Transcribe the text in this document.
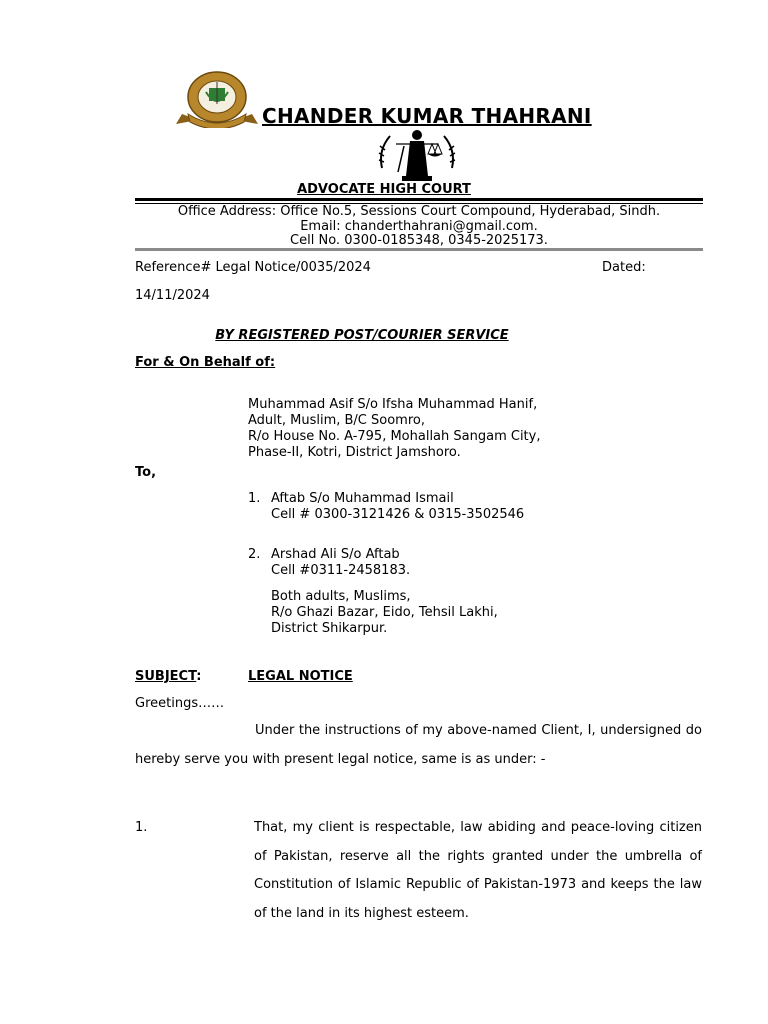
CHANDER KUMAR THAHRANI
ADVOCATE HIGH COURT
Office Address: Office No.5, Sessions Court Compound, Hyderabad, Sindh.
Email: chanderthahrani@gmail.com.
Cell No. 0300-0185348, 0345-2025173.
Reference# Legal Notice/0035/2024	Dated:
14/11/2024
BY REGISTERED POST/COURIER SERVICE
For & On Behalf of:
Muhammad Asif S/o Ifsha Muhammad Hanif,
Adult, Muslim, B/C Soomro,
R/o House No. A-795, Mohallah Sangam City,
Phase-II, Kotri, District Jamshoro.
To,
1. Aftab S/o Muhammad Ismail
Cell # 0300-3121426 & 0315-3502546
2. Arshad Ali S/o Aftab
Cell #0311-2458183.
Both adults, Muslims,
R/o Ghazi Bazar, Eido, Tehsil Lakhi,
District Shikarpur.
SUBJECT:	LEGAL NOTICE
Greetings……
Under the instructions of my above-named Client, I, undersigned do hereby serve you with present legal notice, same is as under: -
1.	That, my client is respectable, law abiding and peace-loving citizen of Pakistan, reserve all the rights granted under the umbrella of Constitution of Islamic Republic of Pakistan-1973 and keeps the law of the land in its highest esteem.
